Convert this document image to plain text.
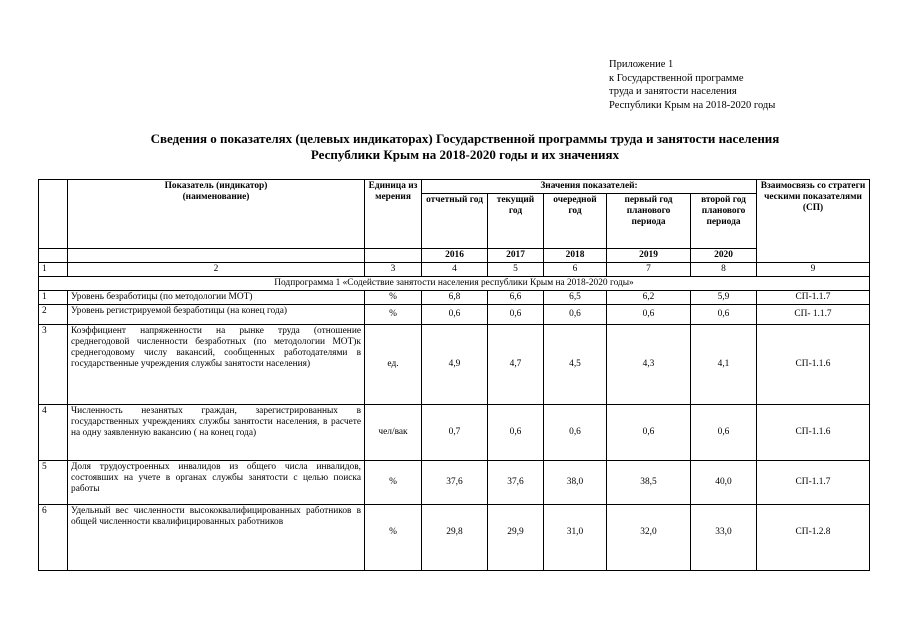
Приложение 1
к Государственной программе
труда и занятости населения
Республики Крым на 2018-2020 годы
Сведения о показателях (целевых индикаторах) Государственной программы труда и занятости населения
Республики Крым на 2018-2020 годы и их значениях

	Показатель (индикатор)
(наименование)	Единица измерения	Значения показателей:					Взаимосвязь со стратегическими показателями (СП)
			отчетный год	текущий год	очередной год	первый год планового периода	второй год планового периода	
			2016	2017	2018	2019	2020	
1	2	3	4	5	6	7	8	9
Подпрограмма 1 «Содействие занятости населения республики Крым на 2018-2020 годы»								
1	Уровень безработицы (по методологии МОТ)	%	6,8	6,6	6,5	6,2	5,9	СП-1.1.7
2	Уровень регистрируемой безработицы (на конец года)	%	0,6	0,6	0,6	0,6	0,6	СП- 1.1.7
3	Коэффициент напряженности на рынке труда (отношение среднегодовой численности безработных (по методологии МОТ)к среднегодовому числу вакансий, сообщенных работодателями в государственные учреждения службы занятости населения)	ед.	4,9	4,7	4,5	4,3	4,1	СП-1.1.6
4	Численность незанятых граждан, зарегистрированных в государственных учреждениях службы занятости населения, в расчете на одну заявленную вакансию ( на конец года)	чел/вак	0,7	0,6	0,6	0,6	0,6	СП-1.1.6
5	Доля трудоустроенных инвалидов из общего числа инвалидов, состоявших на учете в органах службы занятости с целью поиска работы	%	37,6	37,6	38,0	38,5	40,0	СП-1.1.7
6	Удельный вес численности высококвалифицированных работников в общей численности квалифицированных работников	%	29,8	29,9	31,0	32,0	33,0	СП-1.2.8
